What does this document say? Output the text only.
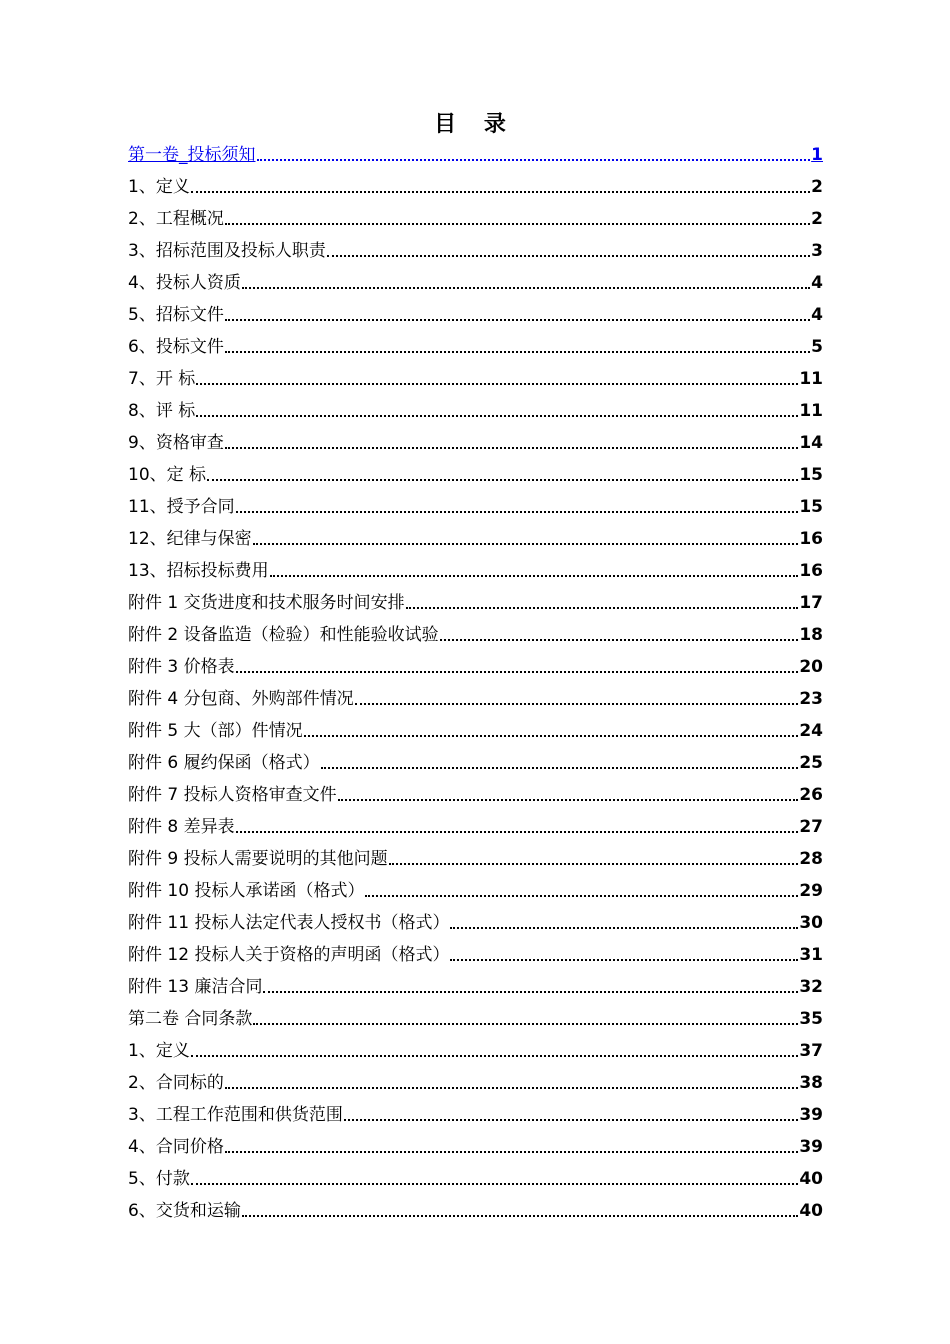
目 录
第一卷_投标须知	1
1、定义	2
2、工程概况	2
3、招标范围及投标人职责	3
4、投标人资质	4
5、招标文件	4
6、投标文件	5
7、开 标	11
8、评 标	11
9、资格审查	14
10、定 标	15
11、授予合同	15
12、纪律与保密	16
13、招标投标费用	16
附件 1 交货进度和技术服务时间安排	17
附件 2 设备监造（检验）和性能验收试验	18
附件 3 价格表	20
附件 4 分包商、外购部件情况	23
附件 5 大（部）件情况	24
附件 6 履约保函（格式）	25
附件 7 投标人资格审查文件	26
附件 8 差异表	27
附件 9 投标人需要说明的其他问题	28
附件 10 投标人承诺函（格式）	29
附件 11 投标人法定代表人授权书（格式）	30
附件 12 投标人关于资格的声明函（格式）	31
附件 13 廉洁合同	32
第二卷 合同条款	35
1、定义	37
2、合同标的	38
3、工程工作范围和供货范围	39
4、合同价格	39
5、付款	40
6、交货和运输	40
